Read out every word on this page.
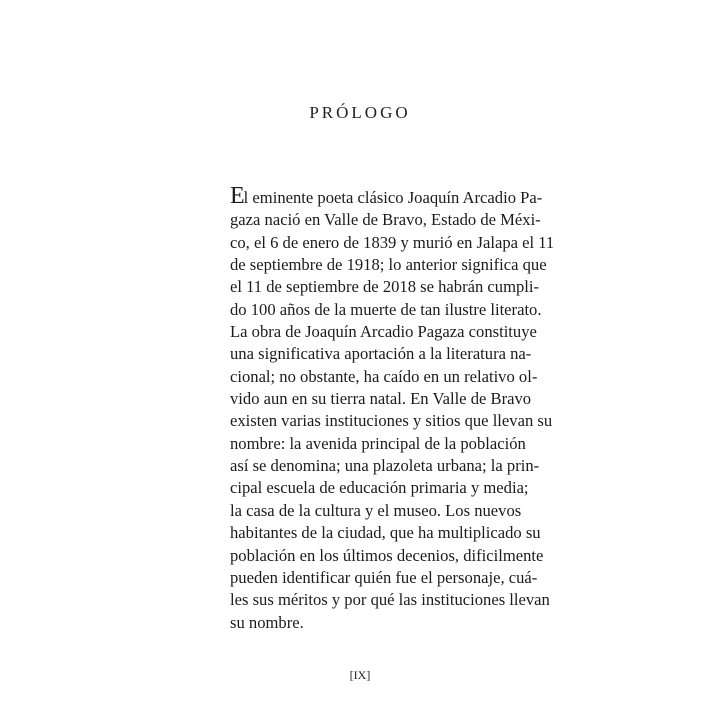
PRÓLOGO
El eminente poeta clásico Joaquín Arcadio Pa-
gaza nació en Valle de Bravo, Estado de Méxi-
co, el 6 de enero de 1839 y murió en Jalapa el 11
de septiembre de 1918; lo anterior significa que
el 11 de septiembre de 2018 se habrán cumpli-
do 100 años de la muerte de tan ilustre literato.
La obra de Joaquín Arcadio Pagaza constituye
una significativa aportación a la literatura na-
cional; no obstante, ha caído en un relativo ol-
vido aun en su tierra natal. En Valle de Bravo
existen varias instituciones y sitios que llevan su
nombre: la avenida principal de la población
así se denomina; una plazoleta urbana; la prin-
cipal escuela de educación primaria y media;
la casa de la cultura y el museo. Los nuevos
habitantes de la ciudad, que ha multiplicado su
población en los últimos decenios, dificilmente
pueden identificar quién fue el personaje, cuá-
les sus méritos y por qué las instituciones llevan
su nombre.
[IX]
